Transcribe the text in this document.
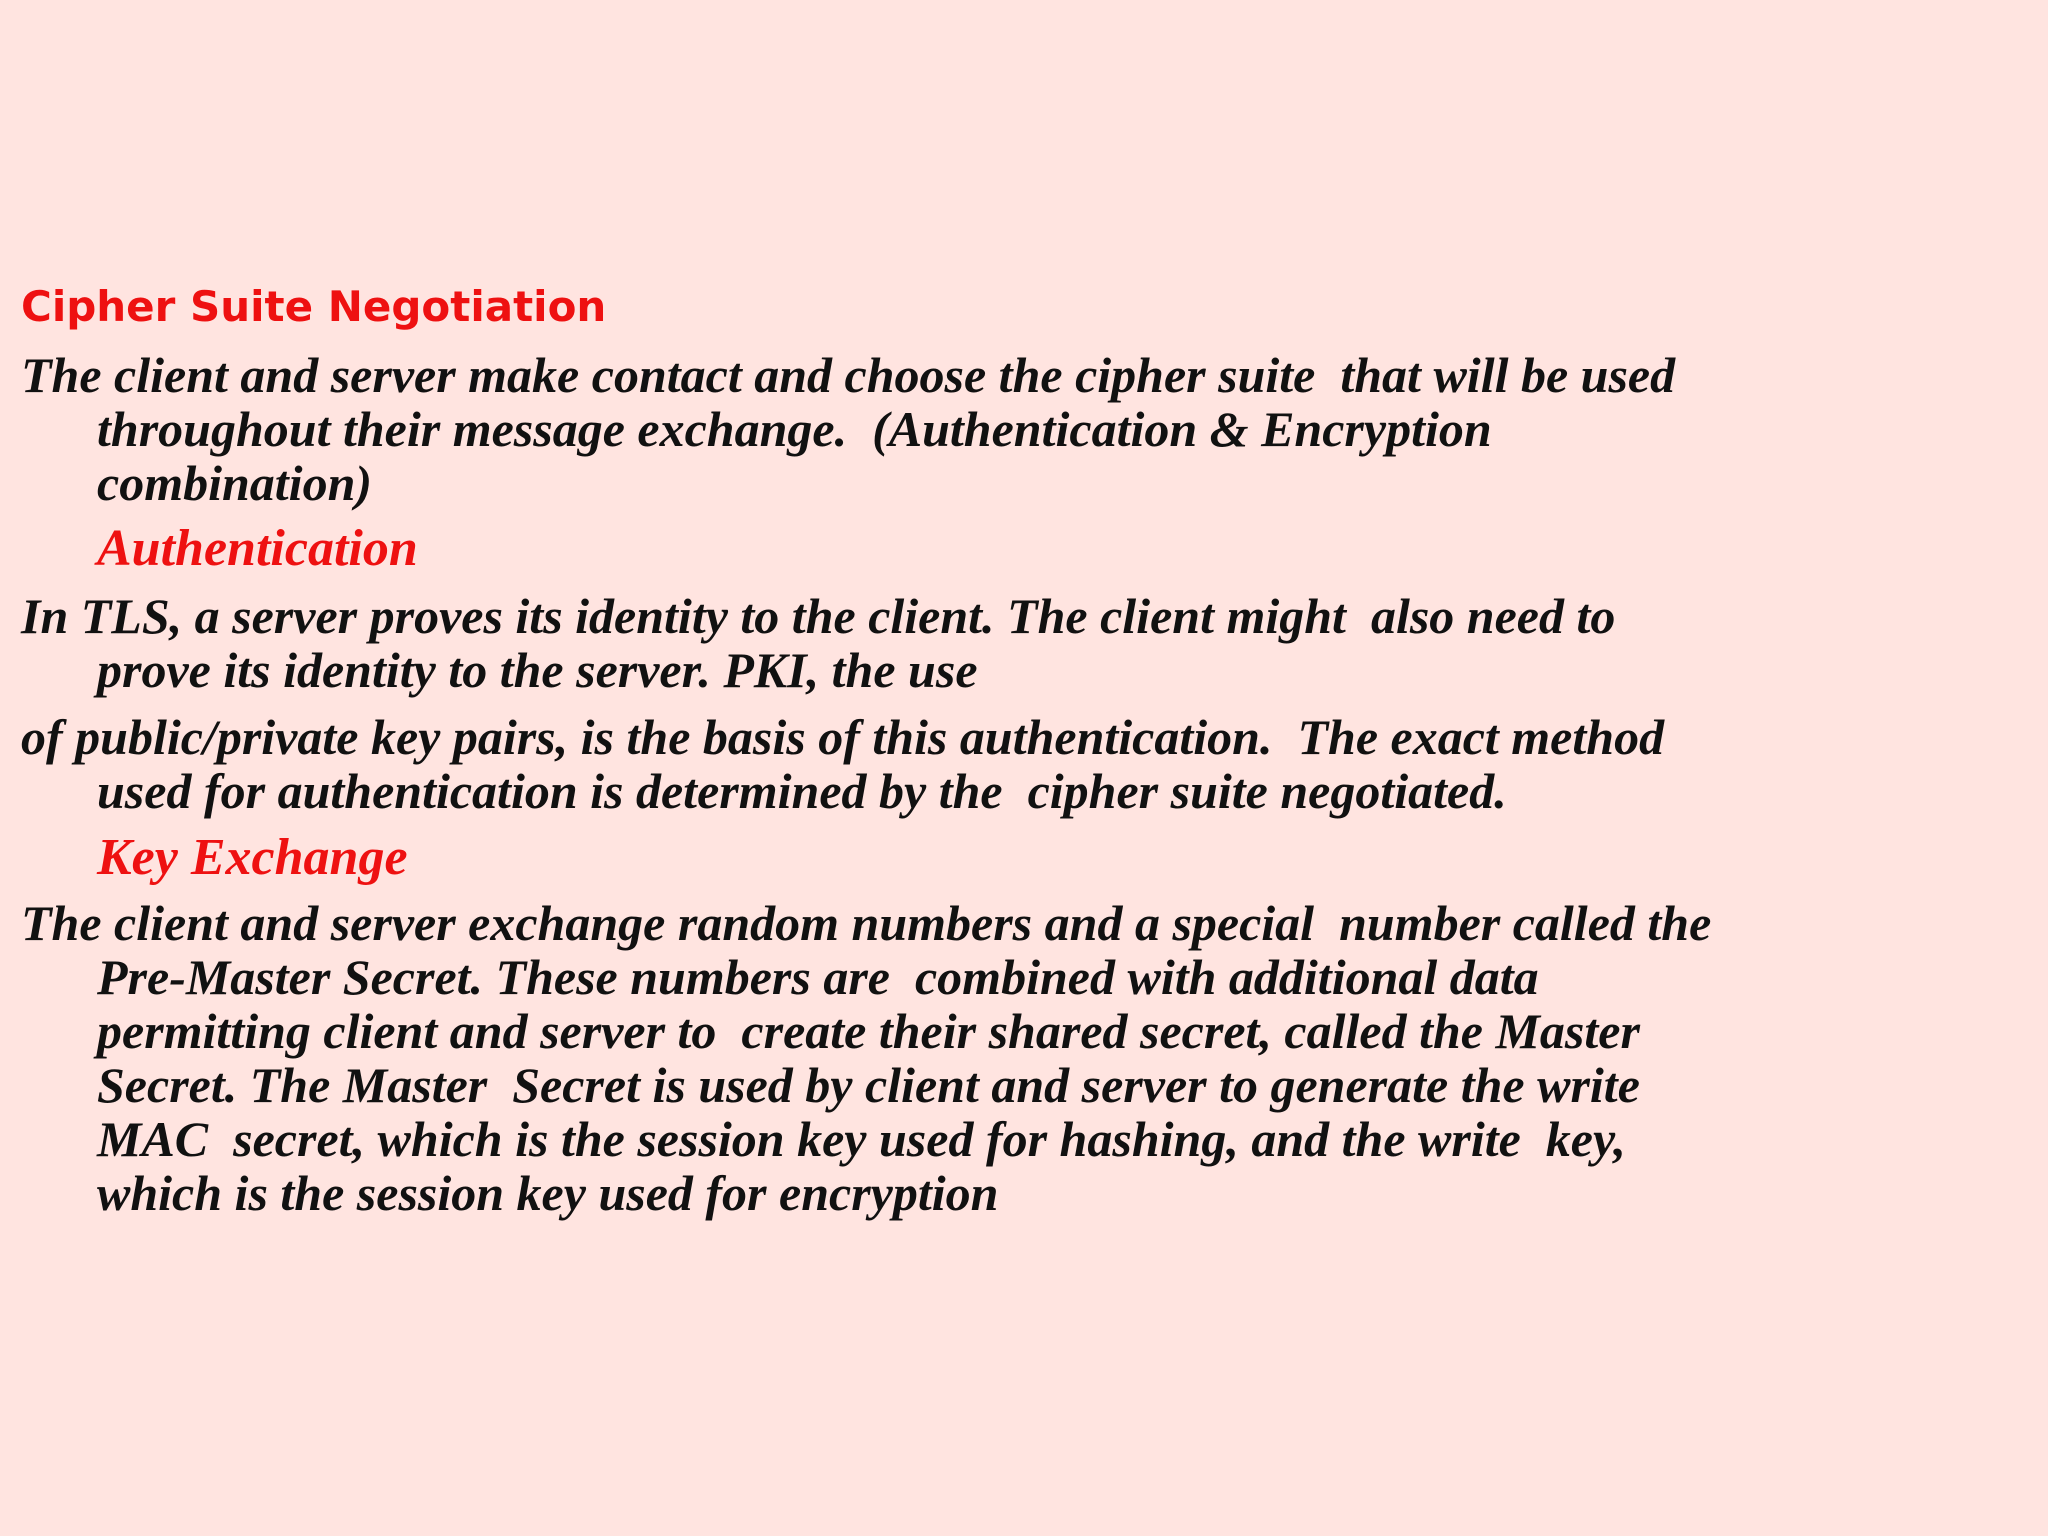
Cipher Suite Negotiation
The client and server make contact and choose the cipher suite  that will be used
throughout their message exchange.  (Authentication & Encryption
combination)
Authentication
In TLS, a server proves its identity to the client. The client might  also need to
prove its identity to the server. PKI, the use
of public/private key pairs, is the basis of this authentication.  The exact method
used for authentication is determined by the  cipher suite negotiated.
Key Exchange
The client and server exchange random numbers and a special  number called the
Pre-Master Secret. These numbers are  combined with additional data
permitting client and server to  create their shared secret, called the Master
Secret. The Master  Secret is used by client and server to generate the write
MAC  secret, which is the session key used for hashing, and the write  key,
which is the session key used for encryption
